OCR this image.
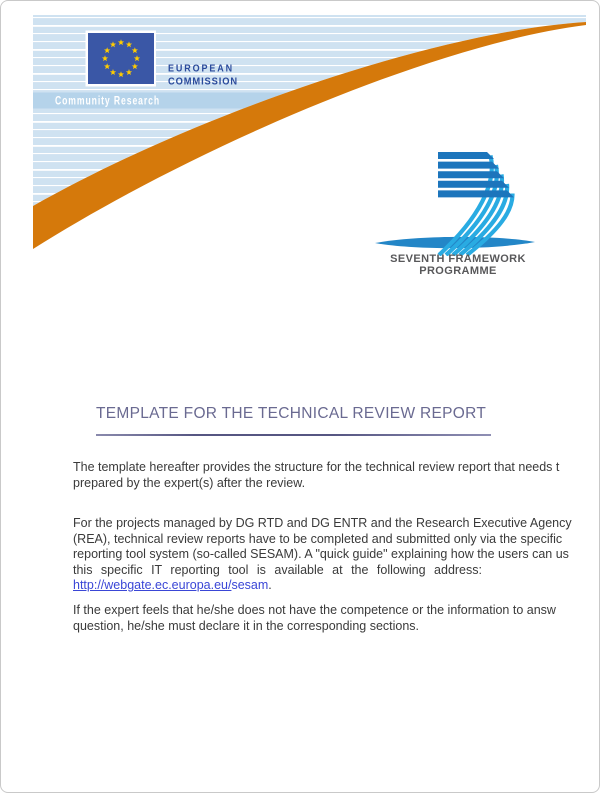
EUROPEAN
COMMISSION
Community Research
SEVENTH FRAMEWORK
PROGRAMME
TEMPLATE FOR THE TECHNICAL REVIEW REPORT
The template hereafter provides the structure for the technical review report that needs t
prepared by the expert(s) after the review.
For the projects managed by DG RTD and DG ENTR and the Research Executive Agency
(REA), technical review reports have to be completed and submitted only via the specific
reporting tool system (so-called SESAM). A "quick guide" explaining how the users can us
this specific IT reporting tool is available at the following address:
http://webgate.ec.europa.eu/sesam.
If the expert feels that he/she does not have the competence or the information to answ
question, he/she must declare it in the corresponding sections.
